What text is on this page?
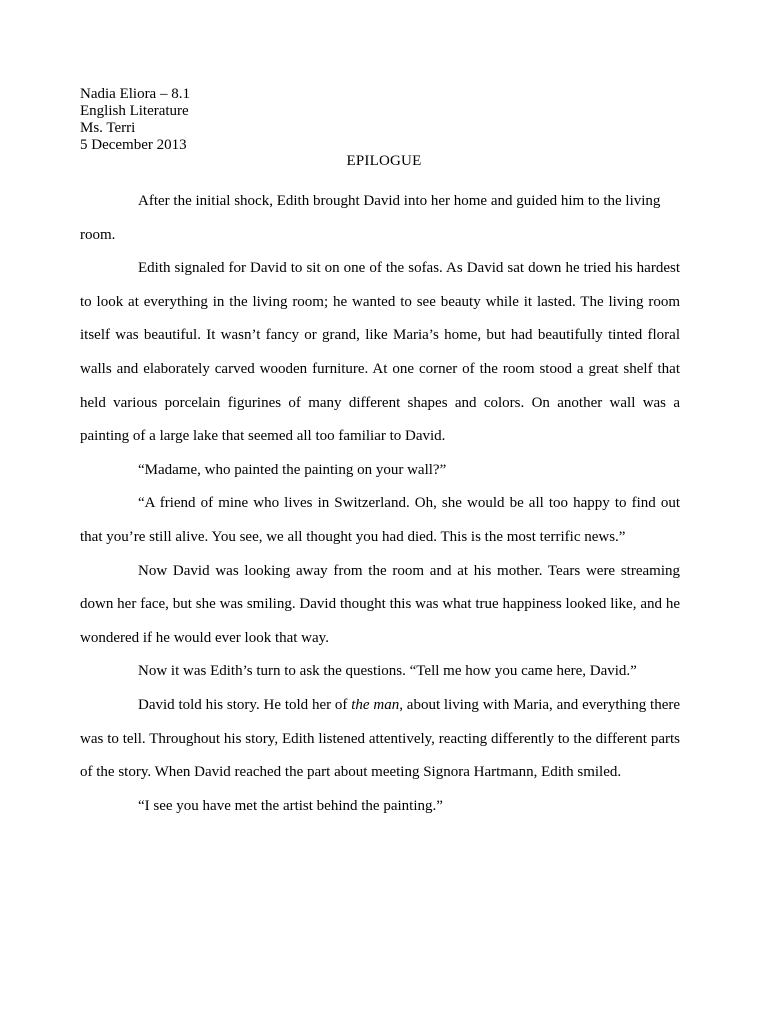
Nadia Eliora – 8.1
English Literature
Ms. Terri
5 December 2013
EPILOGUE

After the initial shock, Edith brought David into her home and guided him to the living room.

Edith signaled for David to sit on one of the sofas. As David sat down he tried his hardest to look at everything in the living room; he wanted to see beauty while it lasted. The living room itself was beautiful. It wasn’t fancy or grand, like Maria’s home, but had beautifully tinted floral walls and elaborately carved wooden furniture. At one corner of the room stood a great shelf that held various porcelain figurines of many different shapes and colors. On another wall was a painting of a large lake that seemed all too familiar to David.

“Madame, who painted the painting on your wall?”

“A friend of mine who lives in Switzerland. Oh, she would be all too happy to find out that you’re still alive. You see, we all thought you had died. This is the most terrific news.”

Now David was looking away from the room and at his mother. Tears were streaming down her face, but she was smiling. David thought this was what true happiness looked like, and he wondered if he would ever look that way.

Now it was Edith’s turn to ask the questions. “Tell me how you came here, David.”

David told his story. He told her of the man, about living with Maria, and everything there was to tell. Throughout his story, Edith listened attentively, reacting differently to the different parts of the story. When David reached the part about meeting Signora Hartmann, Edith smiled.

“I see you have met the artist behind the painting.”
